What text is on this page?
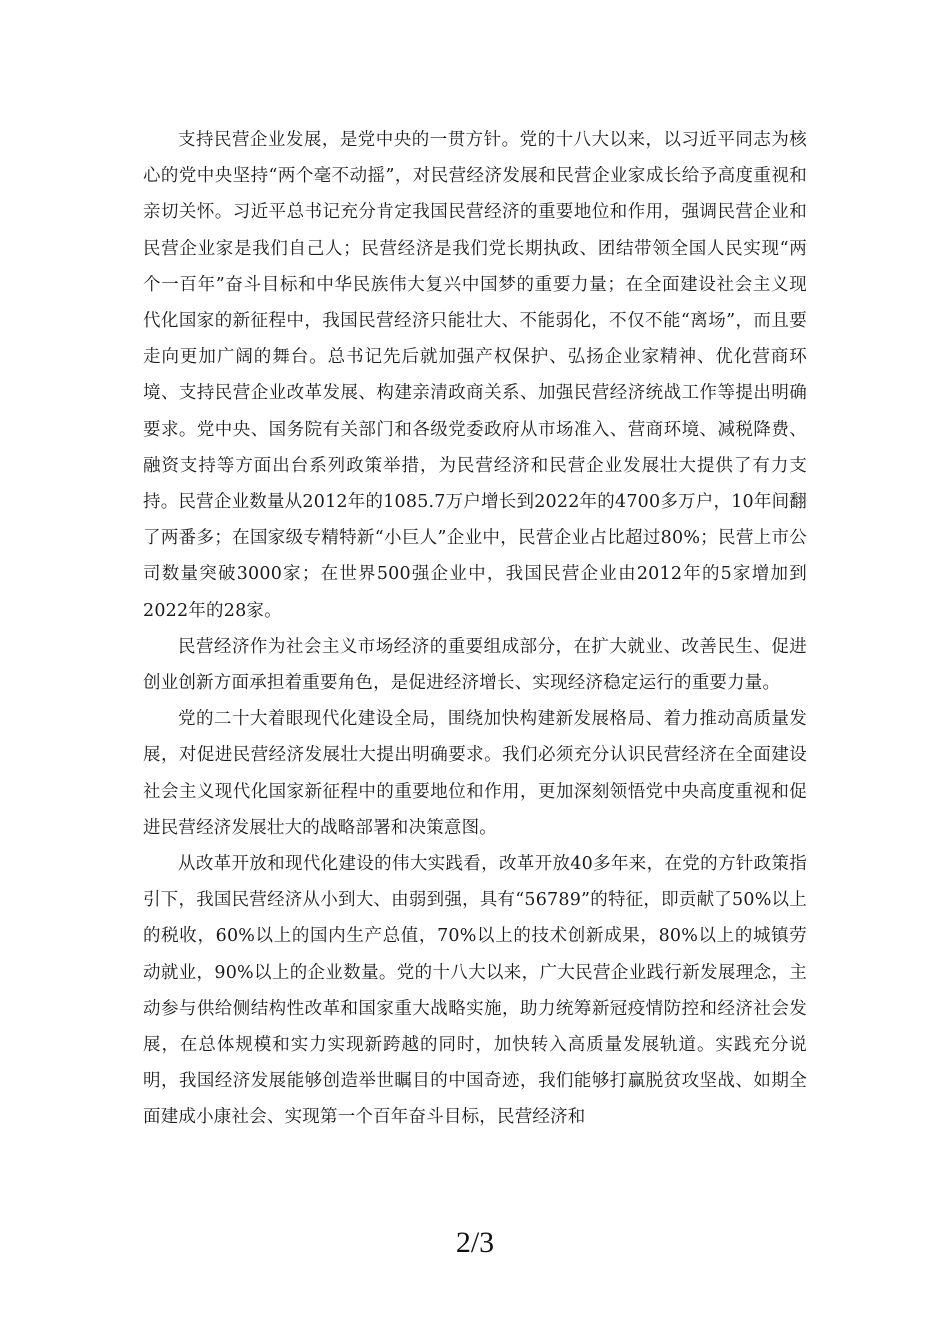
支持民营企业发展，是党中央的一贯方针。党的十八大以来，以习近平同志为核心的党中央坚持“两个毫不动摇”，对民营经济发展和民营企业家成长给予高度重视和亲切关怀。习近平总书记充分肯定我国民营经济的重要地位和作用，强调民营企业和民营企业家是我们自己人；民营经济是我们党长期执政、团结带领全国人民实现“两个一百年”奋斗目标和中华民族伟大复兴中国梦的重要力量；在全面建设社会主义现代化国家的新征程中，我国民营经济只能壮大、不能弱化，不仅不能“离场”，而且要走向更加广阔的舞台。总书记先后就加强产权保护、弘扬企业家精神、优化营商环境、支持民营企业改革发展、构建亲清政商关系、加强民营经济统战工作等提出明确要求。党中央、国务院有关部门和各级党委政府从市场准入、营商环境、减税降费、融资支持等方面出台系列政策举措，为民营经济和民营企业发展壮大提供了有力支持。民营企业数量从2012年的1085.7万户增长到2022年的4700多万户，10年间翻了两番多；在国家级专精特新“小巨人”企业中，民营企业占比超过80%；民营上市公司数量突破3000家；在世界500强企业中，我国民营企业由2012年的5家增加到2022年的28家。

民营经济作为社会主义市场经济的重要组成部分，在扩大就业、改善民生、促进创业创新方面承担着重要角色，是促进经济增长、实现经济稳定运行的重要力量。

党的二十大着眼现代化建设全局，围绕加快构建新发展格局、着力推动高质量发展，对促进民营经济发展壮大提出明确要求。我们必须充分认识民营经济在全面建设社会主义现代化国家新征程中的重要地位和作用，更加深刻领悟党中央高度重视和促进民营经济发展壮大的战略部署和决策意图。

从改革开放和现代化建设的伟大实践看，改革开放40多年来，在党的方针政策指引下，我国民营经济从小到大、由弱到强，具有“56789”的特征，即贡献了50%以上的税收，60%以上的国内生产总值，70%以上的技术创新成果，80%以上的城镇劳动就业，90%以上的企业数量。党的十八大以来，广大民营企业践行新发展理念，主动参与供给侧结构性改革和国家重大战略实施，助力统筹新冠疫情防控和经济社会发展，在总体规模和实力实现新跨越的同时，加快转入高质量发展轨道。实践充分说明，我国经济发展能够创造举世瞩目的中国奇迹，我们能够打赢脱贫攻坚战、如期全面建成小康社会、实现第一个百年奋斗目标，民营经济和

2/3
